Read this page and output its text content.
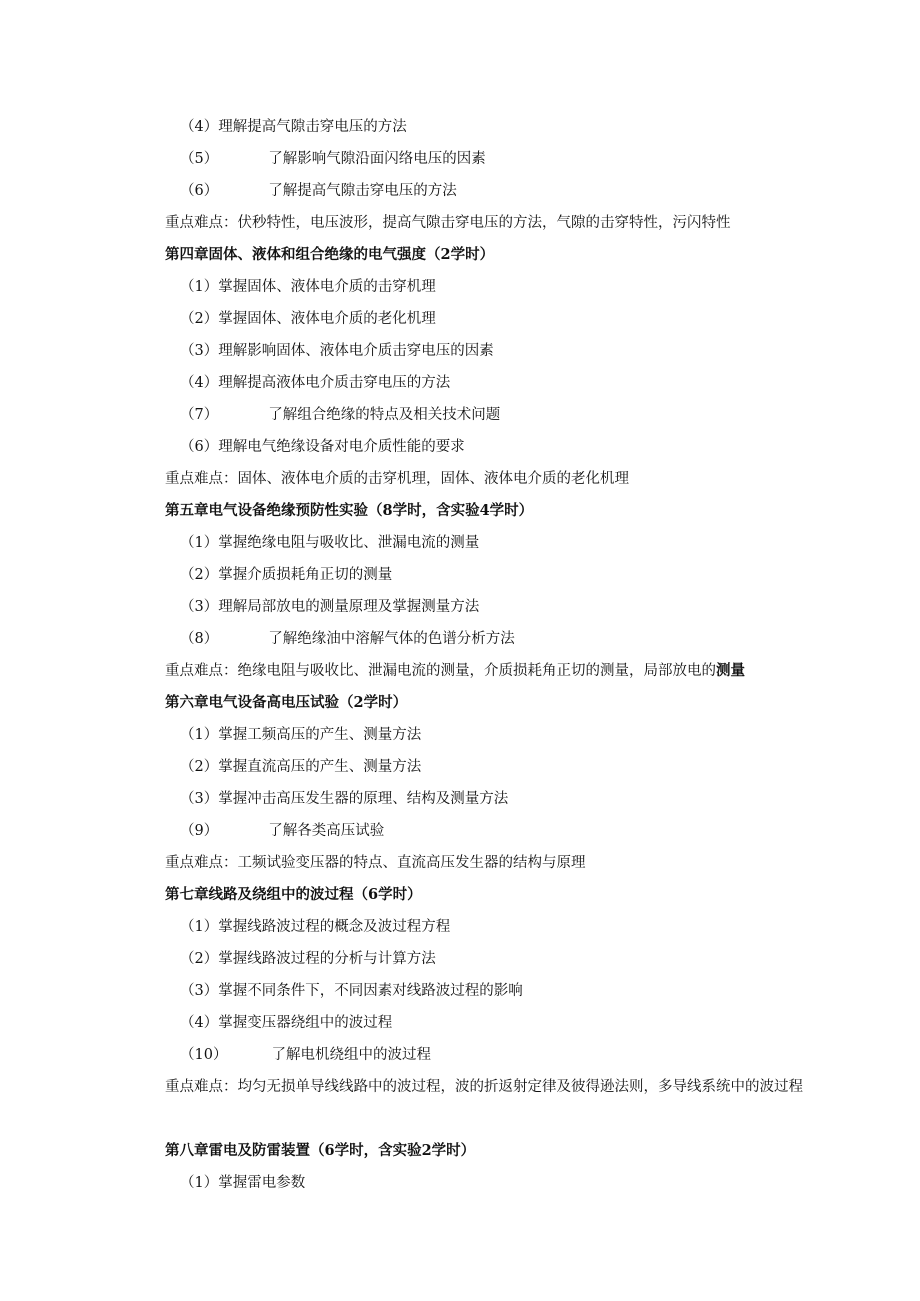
（4）理解提高气隙击穿电压的方法
（5）	了解影响气隙沿面闪络电压的因素
（6）	了解提高气隙击穿电压的方法
重点难点：伏秒特性，电压波形，提高气隙击穿电压的方法，气隙的击穿特性，污闪特性
第四章固体、液体和组合绝缘的电气强度（2学时）
（1）掌握固体、液体电介质的击穿机理
（2）掌握固体、液体电介质的老化机理
（3）理解影响固体、液体电介质击穿电压的因素
（4）理解提高液体电介质击穿电压的方法
（7）	了解组合绝缘的特点及相关技术问题
（6）理解电气绝缘设备对电介质性能的要求
重点难点：固体、液体电介质的击穿机理，固体、液体电介质的老化机理
第五章电气设备绝缘预防性实验（8学时，含实验4学时）
（1）掌握绝缘电阻与吸收比、泄漏电流的测量
（2）掌握介质损耗角正切的测量
（3）理解局部放电的测量原理及掌握测量方法
（8）	了解绝缘油中溶解气体的色谱分析方法
重点难点：绝缘电阻与吸收比、泄漏电流的测量，介质损耗角正切的测量，局部放电的测量
第六章电气设备高电压试验（2学时）
（1）掌握工频高压的产生、测量方法
（2）掌握直流高压的产生、测量方法
（3）掌握冲击高压发生器的原理、结构及测量方法
（9）	了解各类高压试验
重点难点：工频试验变压器的特点、直流高压发生器的结构与原理
第七章线路及绕组中的波过程（6学时）
（1）掌握线路波过程的概念及波过程方程
（2）掌握线路波过程的分析与计算方法
（3）掌握不同条件下，不同因素对线路波过程的影响
（4）掌握变压器绕组中的波过程
（10）	了解电机绕组中的波过程
重点难点：均匀无损单导线线路中的波过程，波的折返射定律及彼得逊法则，多导线系统中的波过程
第八章雷电及防雷装置（6学时，含实验2学时）
（1）掌握雷电参数
